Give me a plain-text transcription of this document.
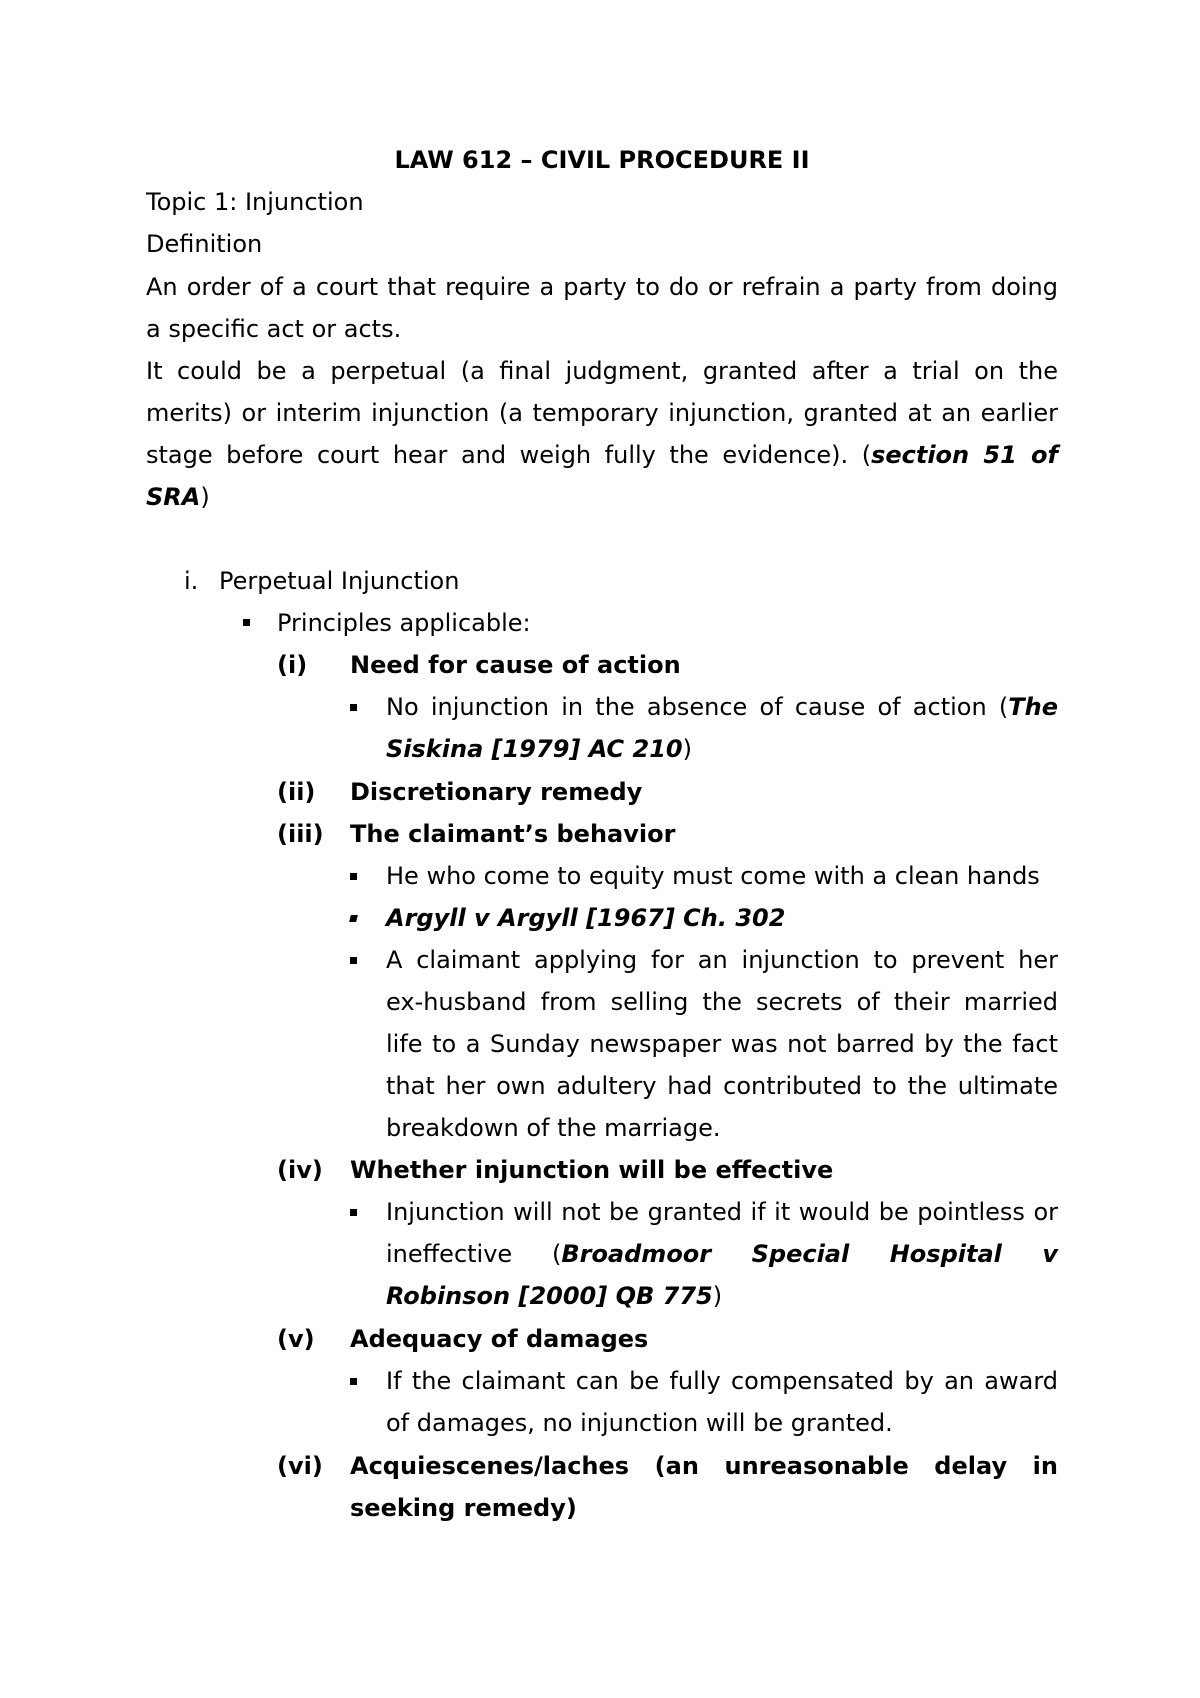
LAW 612 – CIVIL PROCEDURE II
Topic 1: Injunction
Definition
An order of a court that require a party to do or refrain a party from doing
a specific act or acts.
It could be a perpetual (a final judgment, granted after a trial on the
merits) or interim injunction (a temporary injunction, granted at an earlier
stage before court hear and weigh fully the evidence). (section 51 of
SRA)
i. Perpetual Injunction
Principles applicable:
(i) Need for cause of action
No injunction in the absence of cause of action (The
Siskina [1979] AC 210)
(ii) Discretionary remedy
(iii) The claimant’s behavior
He who come to equity must come with a clean hands
Argyll v Argyll [1967] Ch. 302
A claimant applying for an injunction to prevent her
ex-husband from selling the secrets of their married
life to a Sunday newspaper was not barred by the fact
that her own adultery had contributed to the ultimate
breakdown of the marriage.
(iv) Whether injunction will be effective
Injunction will not be granted if it would be pointless or
ineffective (Broadmoor Special Hospital v
Robinson [2000] QB 775)
(v) Adequacy of damages
If the claimant can be fully compensated by an award
of damages, no injunction will be granted.
(vi) Acquiescenes/laches (an unreasonable delay in
seeking remedy)
